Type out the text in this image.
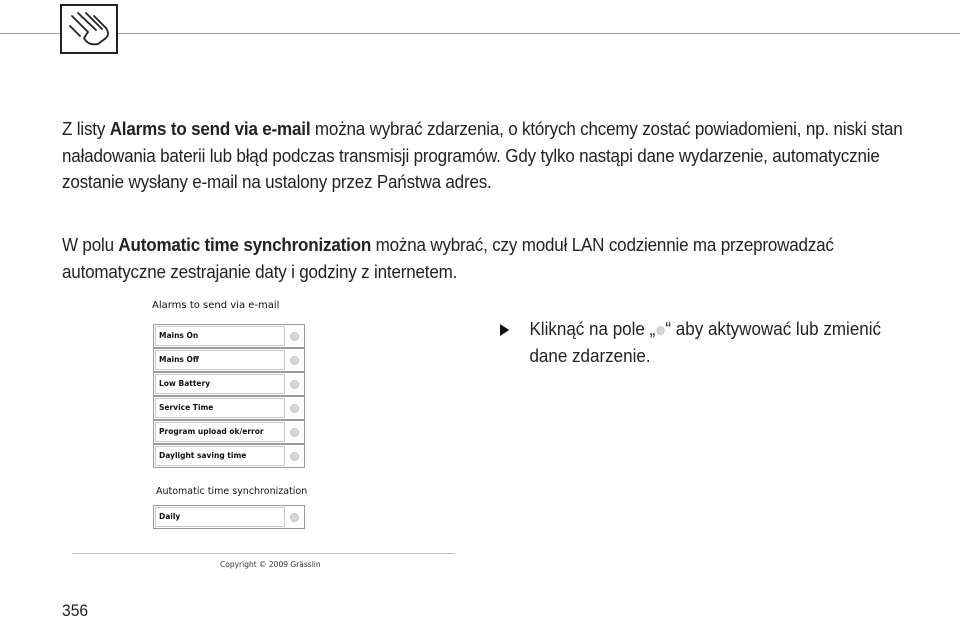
Z listy Alarms to send via e-mail można wybrać zdarzenia, o których chcemy zostać powiadomieni, np. niski stan naładowania baterii lub błąd podczas transmisji programów. Gdy tylko nastąpi dane wydarzenie, automatycznie zostanie wysłany e-mail na ustalony przez Państwa adres.
W polu Automatic time synchronization można wybrać, czy moduł LAN codziennie ma przeprowadzać automatyczne zestrajanie daty i godziny z internetem.
Alarms to send via e-mail
Mains On
Mains Off
Low Battery
Service Time
Program upload ok/error
Daylight saving time
Automatic time synchronization
Daily
Copyright © 2009 Grässlin
Kliknąć na pole „ “ aby aktywować lub zmienić dane zdarzenie.
356
